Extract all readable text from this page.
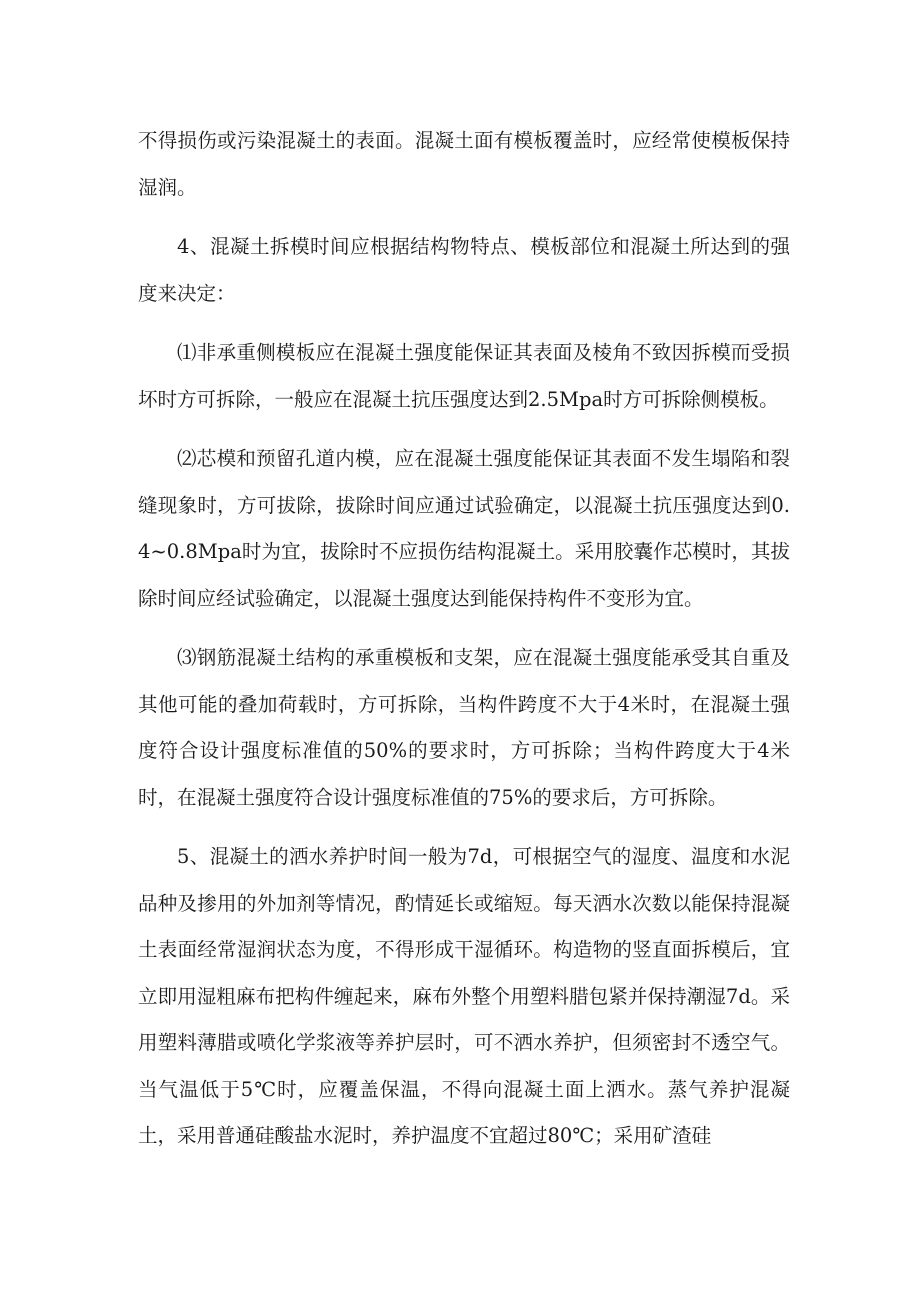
不得损伤或污染混凝土的表面。混凝土面有模板覆盖时，应经常使模板保持湿润。

4、混凝土拆模时间应根据结构物特点、模板部位和混凝土所达到的强度来决定：

⑴非承重侧模板应在混凝土强度能保证其表面及棱角不致因拆模而受损坏时方可拆除，一般应在混凝土抗压强度达到2.5Mpa时方可拆除侧模板。

⑵芯模和预留孔道内模，应在混凝土强度能保证其表面不发生塌陷和裂缝现象时，方可拔除，拔除时间应通过试验确定，以混凝土抗压强度达到0.4~0.8Mpa时为宜，拔除时不应损伤结构混凝土。采用胶囊作芯模时，其拔除时间应经试验确定，以混凝土强度达到能保持构件不变形为宜。

⑶钢筋混凝土结构的承重模板和支架，应在混凝土强度能承受其自重及其他可能的叠加荷载时，方可拆除，当构件跨度不大于4米时，在混凝土强度符合设计强度标准值的50%的要求时，方可拆除；当构件跨度大于4米时，在混凝土强度符合设计强度标准值的75%的要求后，方可拆除。

5、混凝土的洒水养护时间一般为7d，可根据空气的湿度、温度和水泥品种及掺用的外加剂等情况，酌情延长或缩短。每天洒水次数以能保持混凝土表面经常湿润状态为度，不得形成干湿循环。构造物的竖直面拆模后，宜立即用湿粗麻布把构件缠起来，麻布外整个用塑料腊包紧并保持潮湿7d。采用塑料薄腊或喷化学浆液等养护层时，可不洒水养护，但须密封不透空气。当气温低于5℃时，应覆盖保温，不得向混凝土面上洒水。蒸气养护混凝土，采用普通硅酸盐水泥时，养护温度不宜超过80℃；采用矿渣硅
